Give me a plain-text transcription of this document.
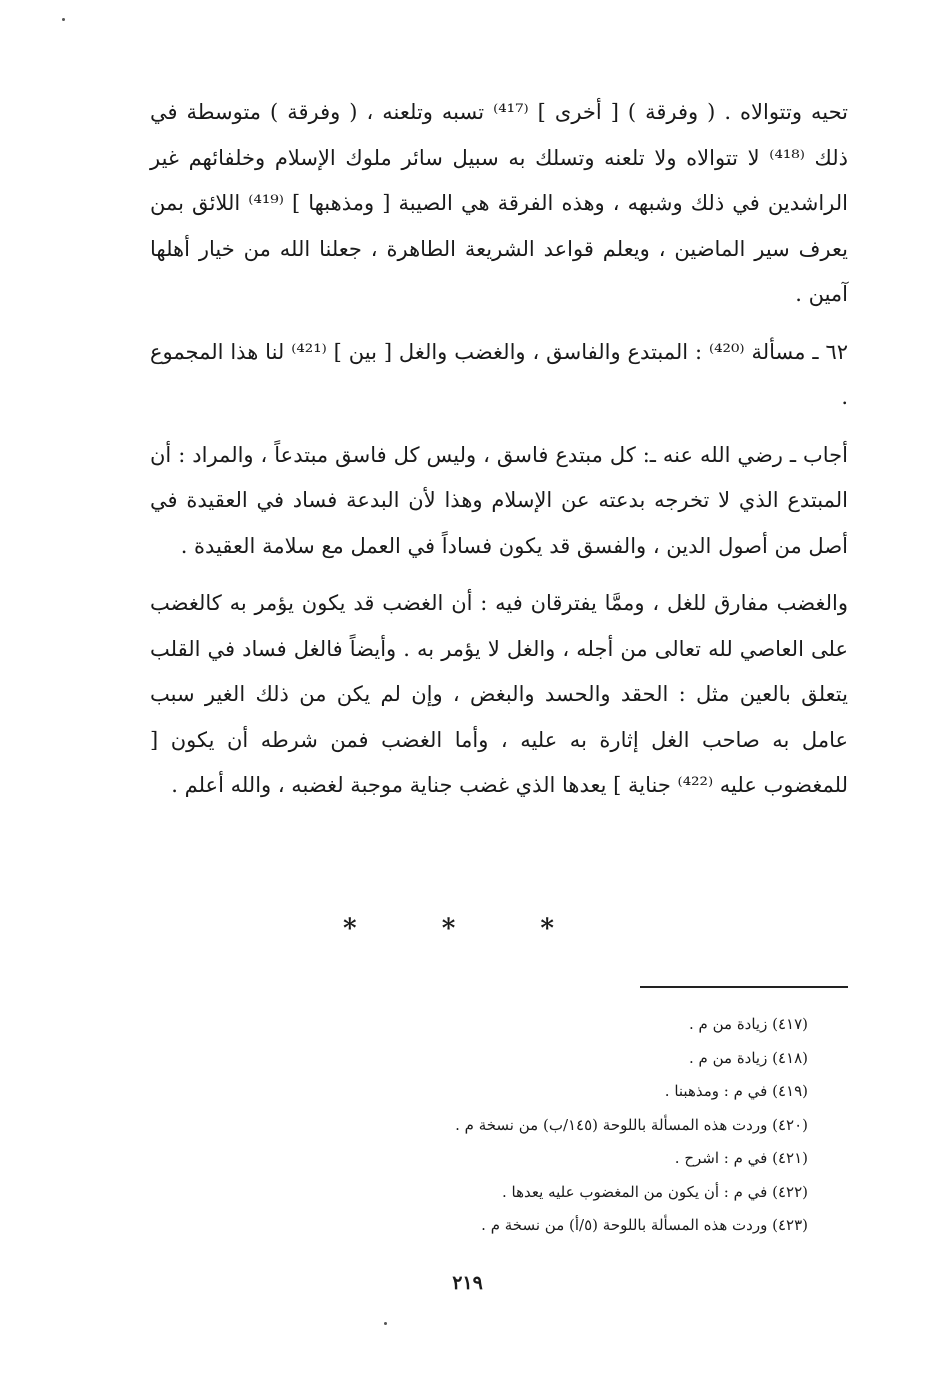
تحيه وتتوالاه . ( وفرقة ) [ أخرى ] ⁽⁴¹⁷⁾ تسبه وتلعنه ، ( وفرقة ) متوسطة في ذلك ⁽⁴¹⁸⁾ لا تتوالاه ولا تلعنه وتسلك به سبيل سائر ملوك الإسلام وخلفائهم غير الراشدين في ذلك وشبهه ، وهذه الفرقة هي الصيبة [ ومذهبها ] ⁽⁴¹⁹⁾ اللائق بمن يعرف سير الماضين ، ويعلم قواعد الشريعة الطاهرة ، جعلنا الله من خيار أهلها آمين .

٦٢ ـ مسألة ⁽⁴²⁰⁾ : المبتدع والفاسق ، والغضب والغل [ بين ] ⁽⁴²¹⁾ لنا هذا المجموع .

أجاب ـ رضي الله عنه ـ: كل مبتدع فاسق ، وليس كل فاسق مبتدعاً ، والمراد : أن المبتدع الذي لا تخرجه بدعته عن الإسلام وهذا لأن البدعة فساد في العقيدة في أصل من أصول الدين ، والفسق قد يكون فساداً في العمل مع سلامة العقيدة .

والغضب مفارق للغل ، وممَّا يفترقان فيه : أن الغضب قد يكون يؤمر به كالغضب على العاصي لله تعالى من أجله ، والغل لا يؤمر به . وأيضاً فالغل فساد في القلب يتعلق بالعين مثل : الحقد والحسد والبغض ، وإن لم يكن من ذلك الغير سبب عامل به صاحب الغل إثارة به عليه ، وأما الغضب فمن شرطه أن يكون [ للمغضوب عليه ⁽⁴²²⁾ جناية ] يعدها الذي غضب جناية موجبة لغضبه ، والله أعلم .

* * *

(٤١٧) زيادة من م .

(٤١٨) زيادة من م .

(٤١٩) في م : ومذهبنا .

(٤٢٠) وردت هذه المسألة باللوحة (١٤٥/ب) من نسخة م .

(٤٢١) في م : اشرح .

(٤٢٢) في م : أن يكون من المغضوب عليه يعدها .

(٤٢٣) وردت هذه المسألة باللوحة (٥/أ) من نسخة م .

٢١٩
